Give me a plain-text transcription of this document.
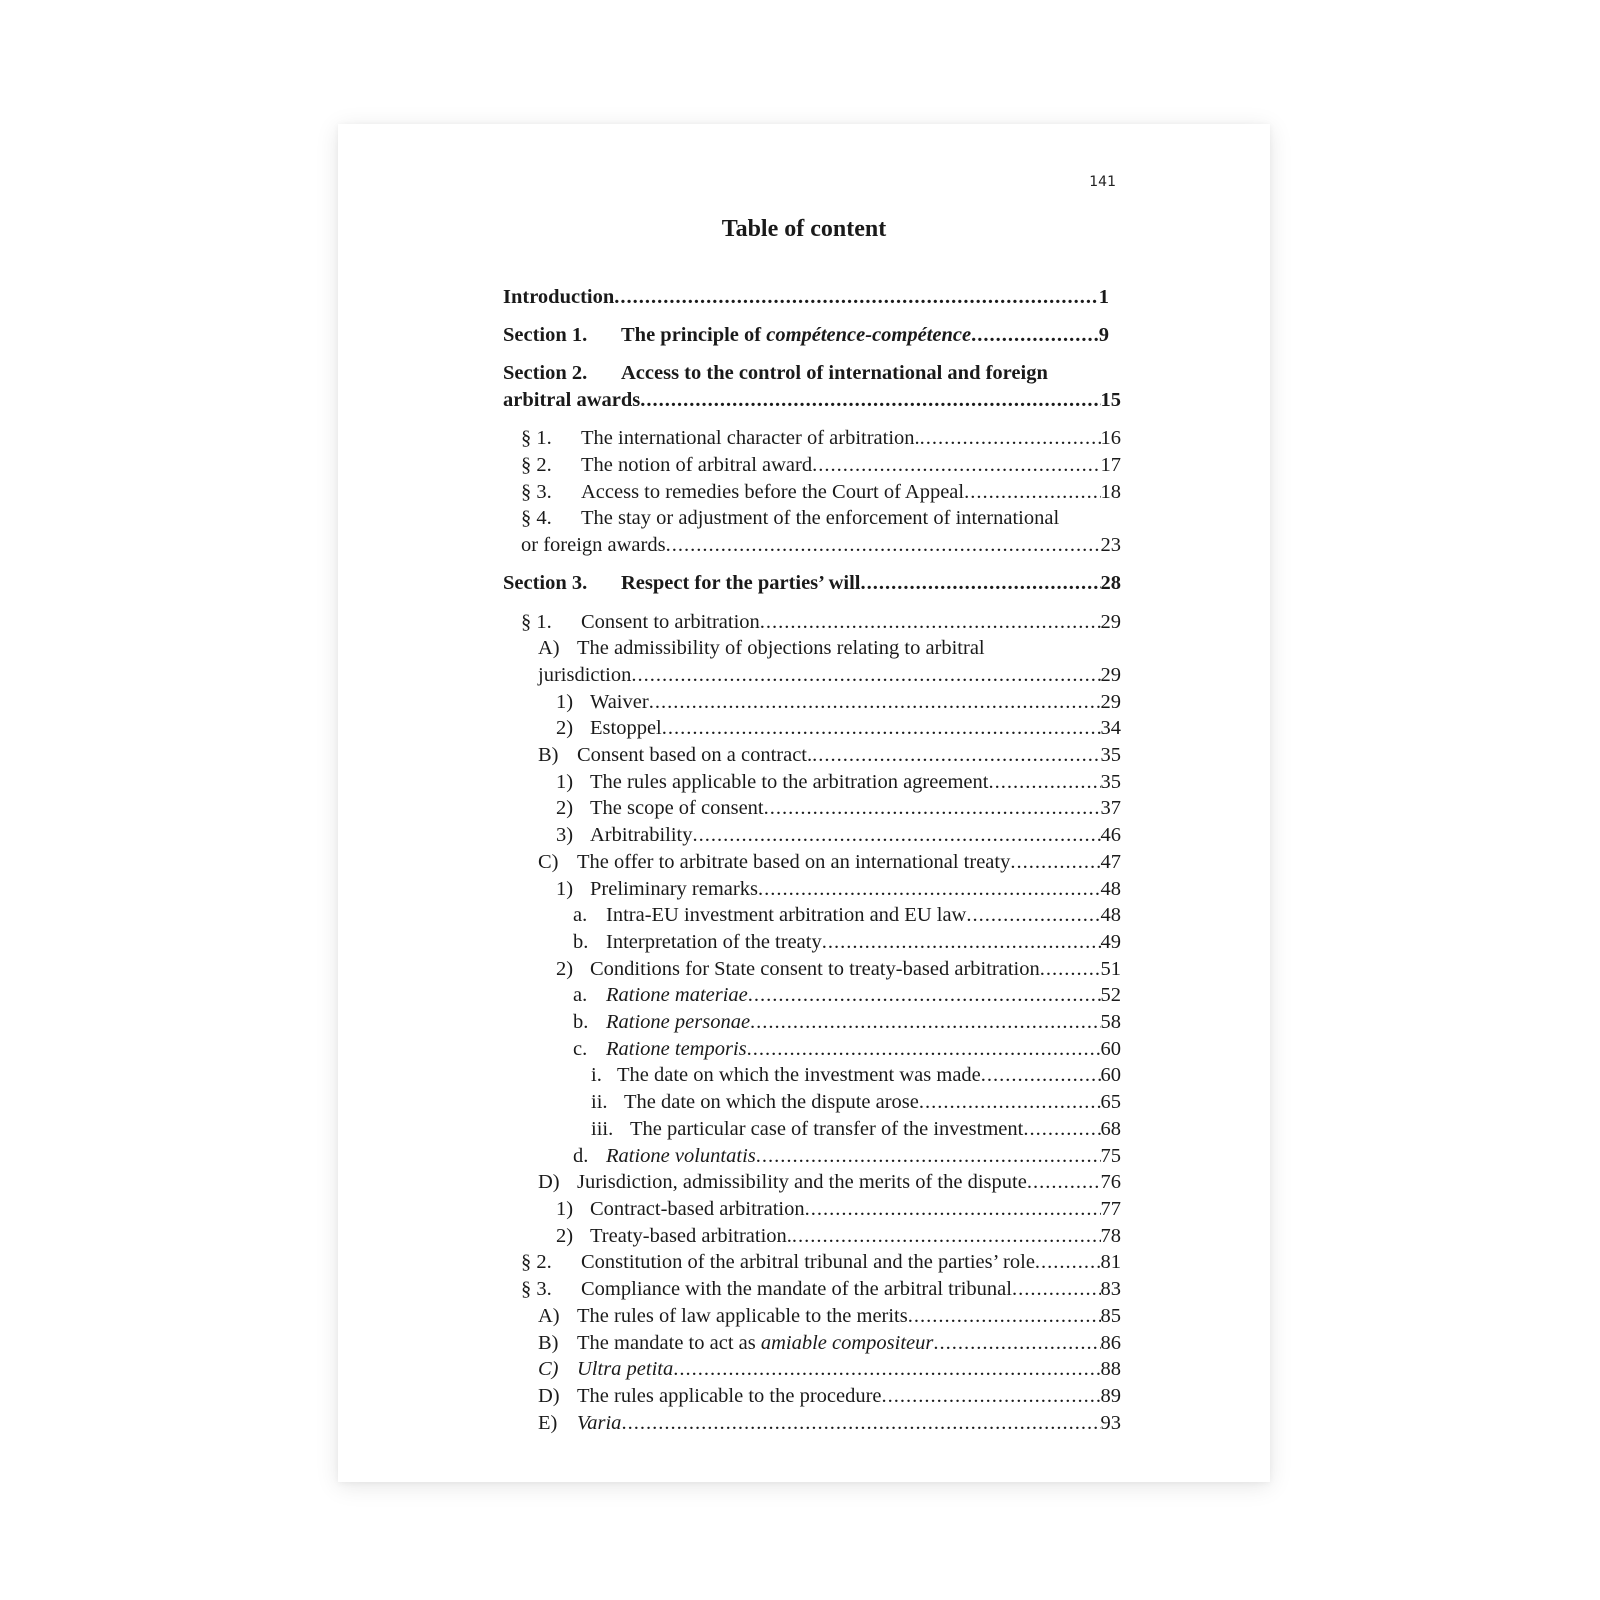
141
Table of content
Introduction .....	1
Section 1.	The principle of compétence-compétence .....	9
Section 2. Access to the control of international and foreign
arbitral awards .....	15
§ 1.	The international character of arbitration. .....	16
§ 2.	The notion of arbitral award .....	17
§ 3.	Access to remedies before the Court of Appeal .....	18
§ 4. The stay or adjustment of the enforcement of international
or foreign awards .....	23
Section 3.	Respect for the parties’ will .....	28
§ 1.	Consent to arbitration .....	29
A) The admissibility of objections relating to arbitral
jurisdiction .....	29
1) Waiver .....	29
2) Estoppel .....	34
B) Consent based on a contract. .....	35
1) The rules applicable to the arbitration agreement .....	35
2) The scope of consent .....	37
3) Arbitrability .....	46
C) The offer to arbitrate based on an international treaty .....	47
1) Preliminary remarks .....	48
a. Intra-EU investment arbitration and EU law .....	48
b. Interpretation of the treaty .....	49
2) Conditions for State consent to treaty-based arbitration .....	51
a. Ratione materiae .....	52
b. Ratione personae .....	58
c. Ratione temporis .....	60
i. The date on which the investment was made .....	60
ii. The date on which the dispute arose .....	65
iii. The particular case of transfer of the investment .....	68
d. Ratione voluntatis .....	75
D) Jurisdiction, admissibility and the merits of the dispute .....	76
1) Contract-based arbitration .....	77
2) Treaty-based arbitration. .....	78
§ 2.	Constitution of the arbitral tribunal and the parties’ role .....	81
§ 3.	Compliance with the mandate of the arbitral tribunal .....	83
A) The rules of law applicable to the merits .....	85
B) The mandate to act as amiable compositeur .....	86
C) Ultra petita .....	88
D) The rules applicable to the procedure .....	89
E) Varia .....	93
